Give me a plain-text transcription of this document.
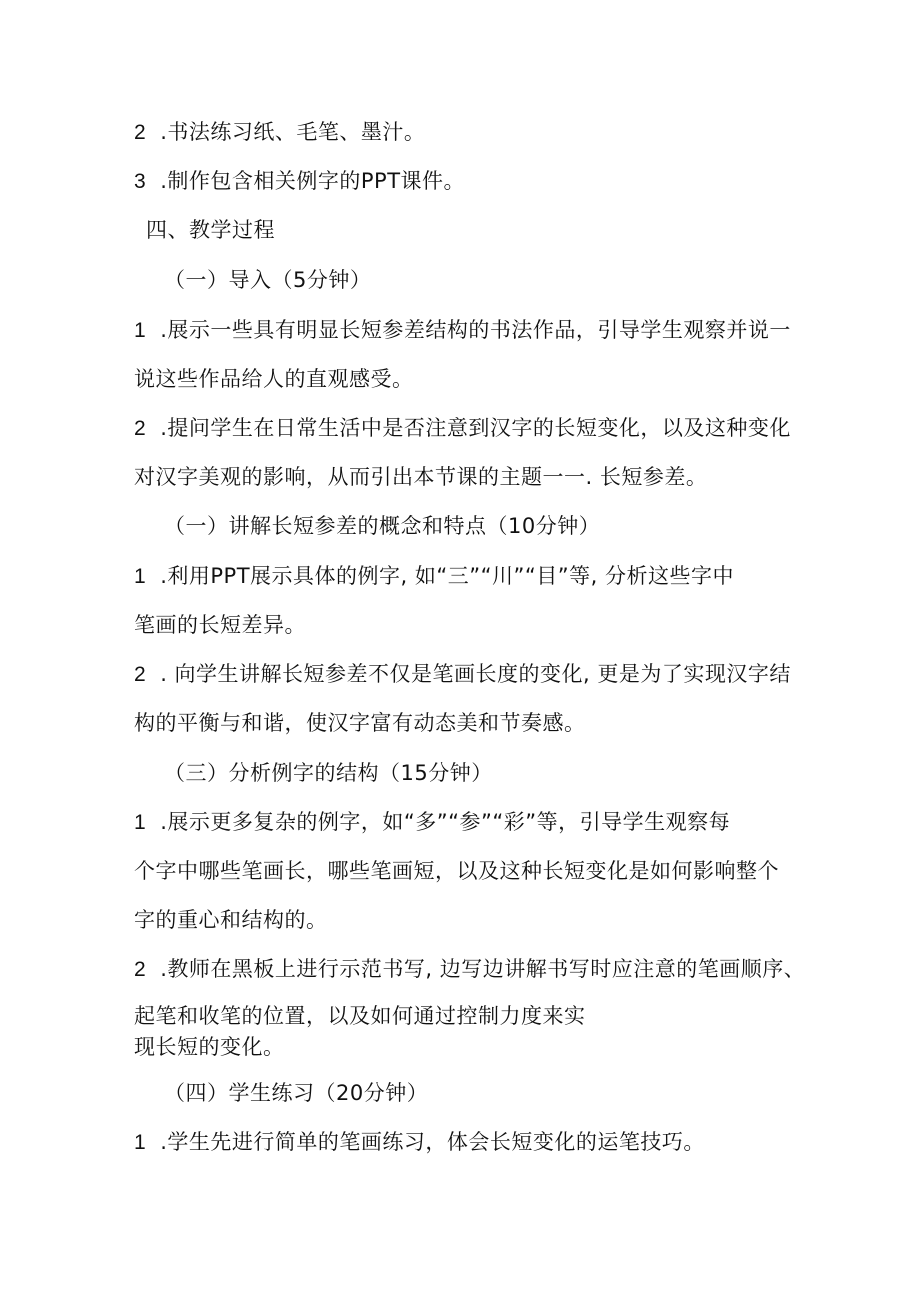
2 .书法练习纸、毛笔、墨汁。
3 .制作包含相关例字的PPT课件。
四、教学过程
（一）导入（5分钟）
1 .展示一些具有明显长短参差结构的书法作品，引导学生观察并说一
说这些作品给人的直观感受。
2 .提问学生在日常生活中是否注意到汉字的长短变化，以及这种变化
对汉字美观的影响，从而引出本节课的主题一一. 长短参差。
（一）讲解长短参差的概念和特点（10分钟）
1 .利用PPT展示具体的例字, 如“三”“川”“目”等, 分析这些字中
笔画的长短差异。
2 . 向学生讲解长短参差不仅是笔画长度的变化, 更是为了实现汉字结
构的平衡与和谐，使汉字富有动态美和节奏感。
（三）分析例字的结构（15分钟）
1 .展示更多复杂的例字，如“多”“参”“彩”等，引导学生观察每
个字中哪些笔画长，哪些笔画短，以及这种长短变化是如何影响整个
字的重心和结构的。
2 .教师在黑板上进行示范书写, 边写边讲解书写时应注意的笔画顺序、
起笔和收笔的位置，以及如何通过控制力度来实
现长短的变化。
（四）学生练习（20分钟）
1 .学生先进行简单的笔画练习，体会长短变化的运笔技巧。
